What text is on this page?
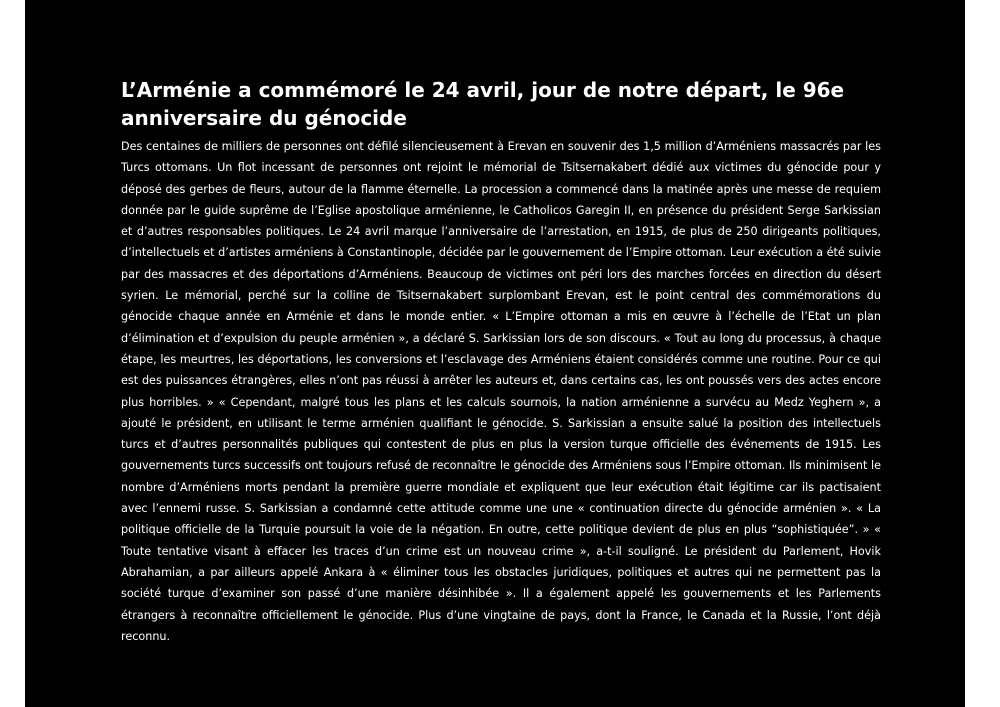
L’Arménie a commémoré le 24 avril, jour de notre départ, le 96e anniversaire du génocide

Des centaines de milliers de personnes ont défilé silencieusement à Erevan en souvenir des 1,5 million d’Arméniens massacrés par les Turcs ottomans. Un flot incessant de personnes ont rejoint le mémorial de Tsitsernakabert dédié aux victimes du génocide pour y déposé des gerbes de fleurs, autour de la flamme éternelle. La procession a commencé dans la matinée après une messe de requiem donnée par le guide suprême de l’Eglise apostolique arménienne, le Catholicos Garegin II, en présence du président Serge Sarkissian et d’autres responsables politiques. Le 24 avril marque l’anniversaire de l’arrestation, en 1915, de plus de 250 dirigeants politiques, d’intellectuels et d’artistes arméniens à Constantinople, décidée par le gouvernement de l’Empire ottoman. Leur exécution a été suivie par des massacres et des déportations d’Arméniens. Beaucoup de victimes ont péri lors des marches forcées en direction du désert syrien. Le mémorial, perché sur la colline de Tsitsernakabert surplombant Erevan, est le point central des commémorations du génocide chaque année en Arménie et dans le monde entier. « L’Empire ottoman a mis en œuvre à l’échelle de l’Etat un plan d’élimination et d’expulsion du peuple arménien », a déclaré S. Sarkissian lors de son discours. « Tout au long du processus, à chaque étape, les meurtres, les déportations, les conversions et l’esclavage des Arméniens étaient considérés comme une routine. Pour ce qui est des puissances étrangères, elles n’ont pas réussi à arrêter les auteurs et, dans certains cas, les ont poussés vers des actes encore plus horribles. » « Cependant, malgré tous les plans et les calculs sournois, la nation arménienne a survécu au Medz Yeghern », a ajouté le président, en utilisant le terme arménien qualifiant le génocide. S. Sarkissian a ensuite salué la position des intellectuels turcs et d’autres personnalités publiques qui contestent de plus en plus la version turque officielle des événements de 1915. Les gouvernements turcs successifs ont toujours refusé de reconnaître le génocide des Arméniens sous l’Empire ottoman. Ils minimisent le nombre d’Arméniens morts pendant la première guerre mondiale et expliquent que leur exécution était légitime car ils pactisaient avec l’ennemi russe. S. Sarkissian a condamné cette attitude comme une une « continuation directe du génocide arménien ». « La politique officielle de la Turquie poursuit la voie de la négation. En outre, cette politique devient de plus en plus “sophistiquée”. » « Toute tentative visant à effacer les traces d’un crime est un nouveau crime », a-t-il souligné. Le président du Parlement, Hovik Abrahamian, a par ailleurs appelé Ankara à « éliminer tous les obstacles juridiques, politiques et autres qui ne permettent pas la société turque d’examiner son passé d’une manière désinhibée ». Il a également appelé les gouvernements et les Parlements étrangers à reconnaître officiellement le génocide. Plus d’une vingtaine de pays, dont la France, le Canada et la Russie, l’ont déjà reconnu.
